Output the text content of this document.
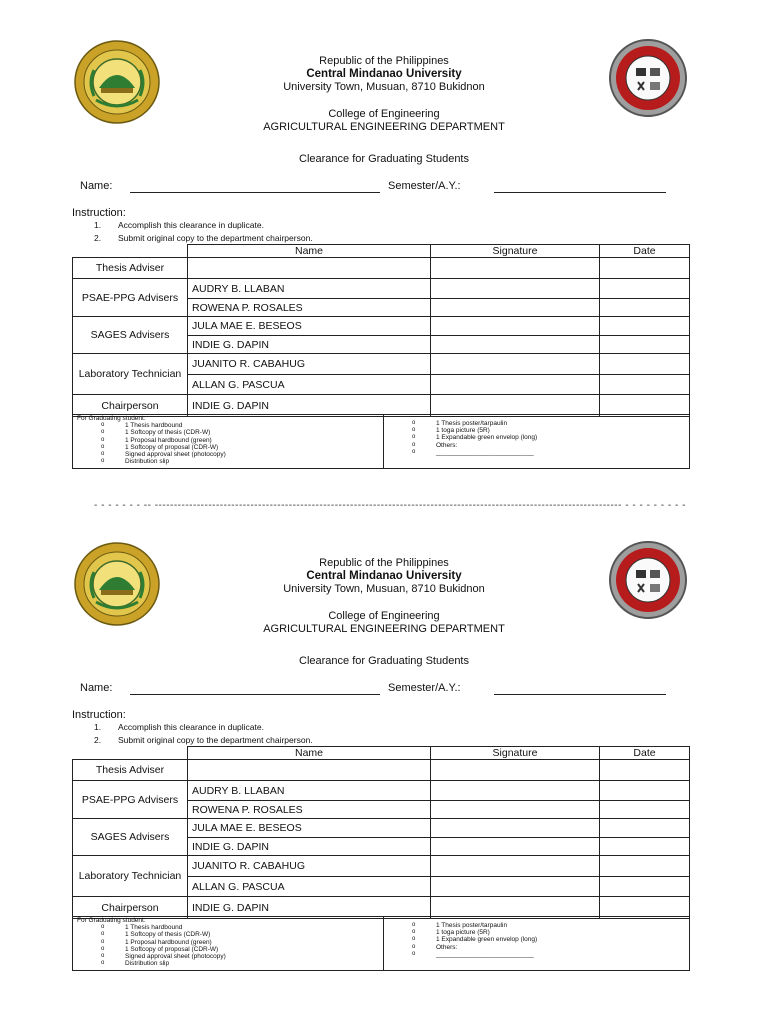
Republic of the Philippines
Central Mindanao University
University Town, Musuan, 8710 Bukidnon
College of Engineering
AGRICULTURAL ENGINEERING DEPARTMENT
Clearance for Graduating Students
Name:	Semester/A.Y.:
Instruction:
1. Accomplish this clearance in duplicate.
2. Submit original copy to the department chairperson.
	Name	Signature	Date
Thesis Adviser			
PSAE-PPG Advisers	AUDRY B. LLABAN		
	ROWENA P. ROSALES		
SAGES Advisers	JULA MAE E. BESEOS		
	INDIE G. DAPIN		
Laboratory Technician	JUANITO R. CABAHUG		
	ALLAN G. PASCUA		
Chairperson	INDIE G. DAPIN		
For Graduating student:
o 1 Thesis hardbound
o 1 Softcopy of thesis (CDR-W)
o 1 Proposal hardbound (green)
o 1 Softcopy of proposal (CDR-W)
o Signed approval sheet (photocopy)
o Distribution slip
o 1 Thesis poster/tarpaulin
o 1 toga picture (5R)
o 1 Expandable green envelop (long)
o Others:
o ___________________________
- - - - - - - -- -------------------------------------------------------------------------------------------------------------------------- - - - - - - - - -
Republic of the Philippines
Central Mindanao University
University Town, Musuan, 8710 Bukidnon
College of Engineering
AGRICULTURAL ENGINEERING DEPARTMENT
Clearance for Graduating Students
Name:	Semester/A.Y.:
Instruction:
1. Accomplish this clearance in duplicate.
2. Submit original copy to the department chairperson.
	Name	Signature	Date
Thesis Adviser			
PSAE-PPG Advisers	AUDRY B. LLABAN		
	ROWENA P. ROSALES		
SAGES Advisers	JULA MAE E. BESEOS		
	INDIE G. DAPIN		
Laboratory Technician	JUANITO R. CABAHUG		
	ALLAN G. PASCUA		
Chairperson	INDIE G. DAPIN		
For Graduating student:
o 1 Thesis hardbound
o 1 Softcopy of thesis (CDR-W)
o 1 Proposal hardbound (green)
o 1 Softcopy of proposal (CDR-W)
o Signed approval sheet (photocopy)
o Distribution slip
o 1 Thesis poster/tarpaulin
o 1 toga picture (5R)
o 1 Expandable green envelop (long)
o Others:
o ___________________________
